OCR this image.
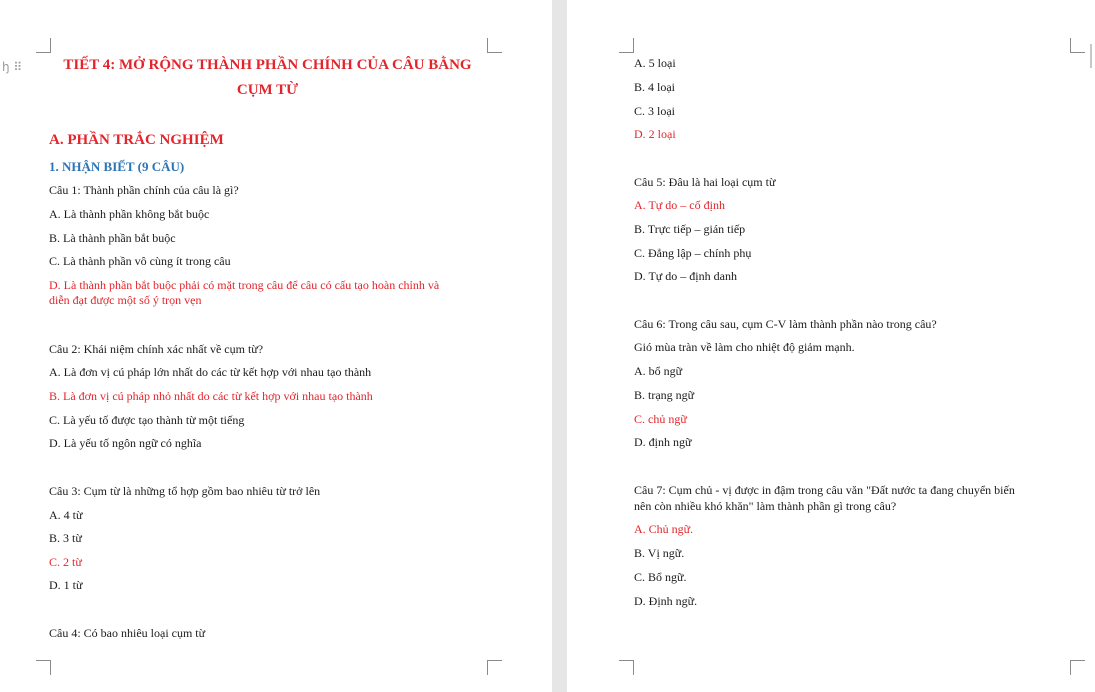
ꜧ ⠿	TIẾT 4: MỞ RỘNG THÀNH PHẦN CHÍNH CỦA CÂU BẰNG
CỤM TỪ
A. PHẦN TRẮC NGHIỆM
1. NHẬN BIẾT (9 CÂU)
Câu 1: Thành phần chính của câu là gì?
A. Là thành phần không bắt buộc
B. Là thành phần bắt buộc
C. Là thành phần vô cùng ít trong câu
D. Là thành phần bắt buộc phải có mặt trong câu để câu có cấu tạo hoàn chỉnh và
diễn đạt được một số ý trọn vẹn
Câu 2: Khái niệm chính xác nhất về cụm từ?
A. Là đơn vị cú pháp lớn nhất do các từ kết hợp với nhau tạo thành
B. Là đơn vị cú pháp nhỏ nhất do các từ kết hợp với nhau tạo thành
C. Là yếu tố được tạo thành từ một tiếng
D. Là yếu tố ngôn ngữ có nghĩa
Câu 3: Cụm từ là những tổ hợp gồm bao nhiêu từ trở lên
A. 4 từ
B. 3 từ
C. 2 từ
D. 1 từ
Câu 4: Có bao nhiêu loại cụm từ
A. 5 loại
B. 4 loại
C. 3 loại
D. 2 loại
Câu 5: Đâu là hai loại cụm từ
A. Tự do – cố định
B. Trực tiếp – gián tiếp
C. Đẳng lập – chính phụ
D. Tự do – định danh
Câu 6: Trong câu sau, cụm C-V làm thành phần nào trong câu?
Gió mùa tràn về làm cho nhiệt độ giảm mạnh.
A. bổ ngữ
B. trạng ngữ
C. chủ ngữ
D. định ngữ
Câu 7: Cụm chủ - vị được in đậm trong câu văn "Đất nước ta đang chuyển biến
nên còn nhiều khó khăn" làm thành phần gì trong câu?
A. Chủ ngữ.
B. Vị ngữ.
C. Bổ ngữ.
D. Định ngữ.
